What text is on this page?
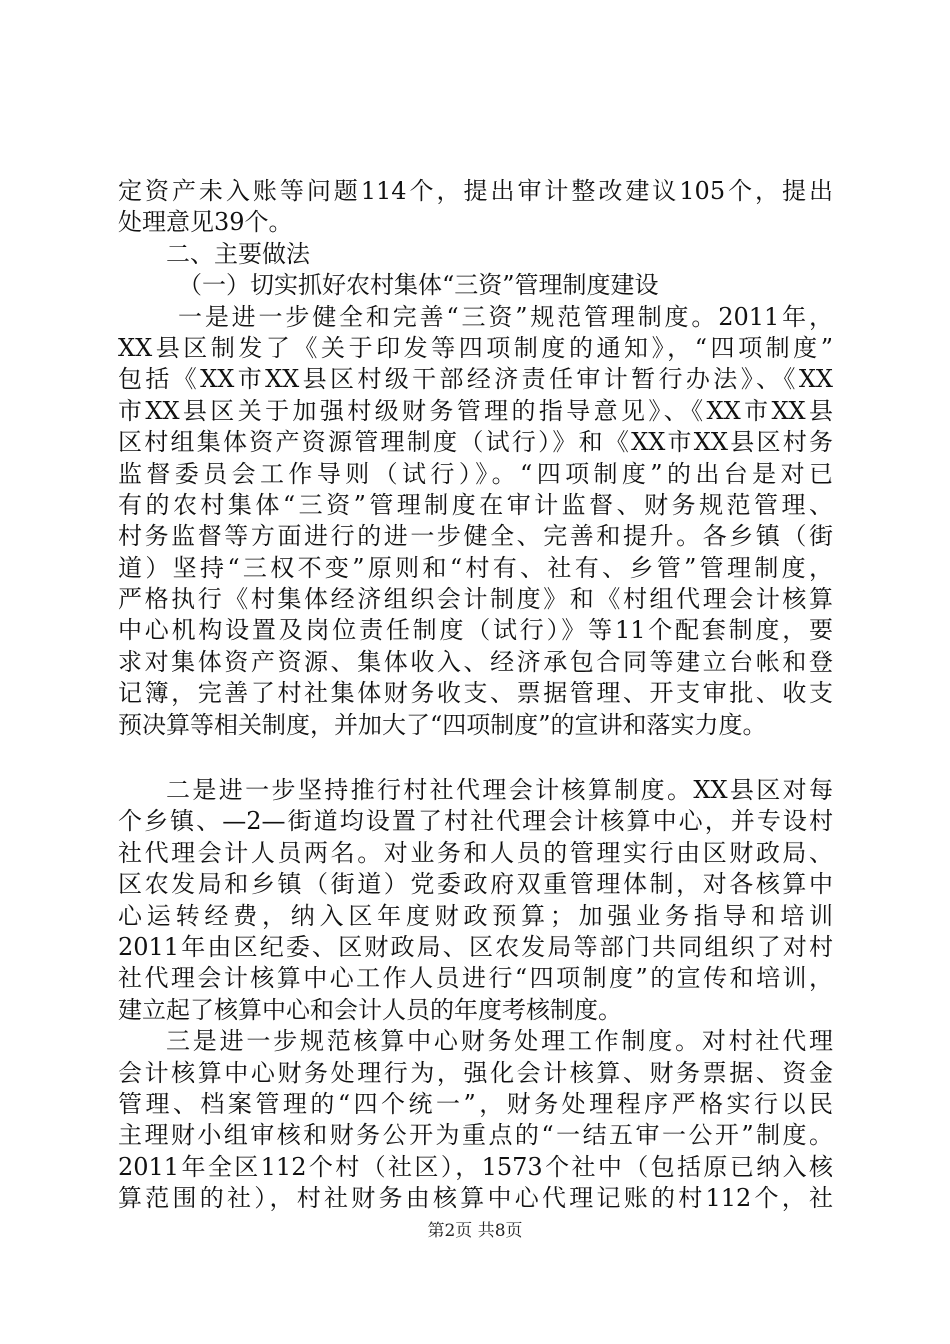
定资产未入账等问题114个，提出审计整改建议105个，提出
处理意见39个。
二、主要做法
（一）切实抓好农村集体“三资”管理制度建设
一是进一步健全和完善“三资”规范管理制度。2011年，
XX县区制发了《关于印发等四项制度的通知》，“四项制度”
包括《XX市XX县区村级干部经济责任审计暂行办法》、《XX
市XX县区关于加强村级财务管理的指导意见》、《XX市XX县
区村组集体资产资源管理制度（试行）》和《XX市XX县区村务
监督委员会工作导则（试行）》。“四项制度”的出台是对已
有的农村集体“三资”管理制度在审计监督、财务规范管理、
村务监督等方面进行的进一步健全、完善和提升。各乡镇（街
道）坚持“三权不变”原则和“村有、社有、乡管”管理制度，
严格执行《村集体经济组织会计制度》和《村组代理会计核算
中心机构设置及岗位责任制度（试行）》等11个配套制度，要
求对集体资产资源、集体收入、经济承包合同等建立台帐和登
记簿，完善了村社集体财务收支、票据管理、开支审批、收支
预决算等相关制度，并加大了“四项制度”的宣讲和落实力度。
二是进一步坚持推行村社代理会计核算制度。XX县区对每
个乡镇、—2—街道均设置了村社代理会计核算中心，并专设村
社代理会计人员两名。对业务和人员的管理实行由区财政局、
区农发局和乡镇（街道）党委政府双重管理体制，对各核算中
心运转经费，纳入区年度财政预算；加强业务指导和培训
2011年由区纪委、区财政局、区农发局等部门共同组织了对村
社代理会计核算中心工作人员进行“四项制度”的宣传和培训，
建立起了核算中心和会计人员的年度考核制度。
三是进一步规范核算中心财务处理工作制度。对村社代理
会计核算中心财务处理行为，强化会计核算、财务票据、资金
管理、档案管理的“四个统一”，财务处理程序严格实行以民
主理财小组审核和财务公开为重点的“一结五审一公开”制度。
2011年全区112个村（社区），1573个社中（包括原已纳入核
算范围的社），村社财务由核算中心代理记账的村112个，社
第2页 共8页
